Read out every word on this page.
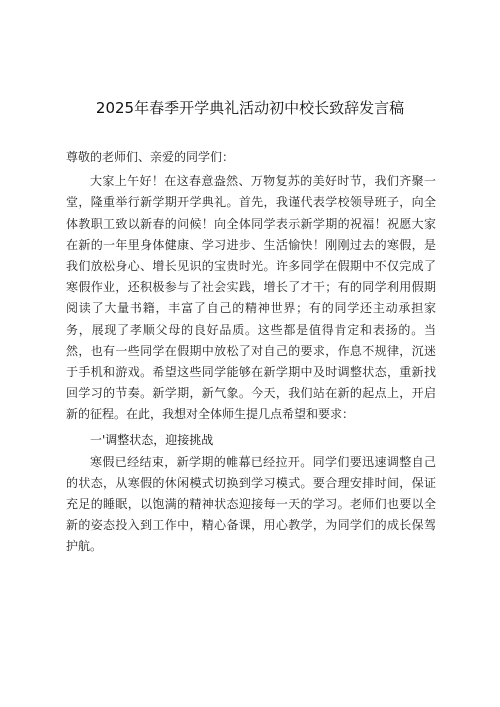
2025年春季开学典礼活动初中校长致辞发言稿

尊敬的老师们、亲爱的同学们：

大家上午好！在这春意盎然、万物复苏的美好时节，我们齐聚一堂，隆重举行新学期开学典礼。首先，我谨代表学校领导班子，向全体教职工致以新春的问候！向全体同学表示新学期的祝福！祝愿大家在新的一年里身体健康、学习进步、生活愉快！刚刚过去的寒假，是我们放松身心、增长见识的宝贵时光。许多同学在假期中不仅完成了寒假作业，还积极参与了社会实践，增长了才干；有的同学利用假期阅读了大量书籍，丰富了自己的精神世界；有的同学还主动承担家务，展现了孝顺父母的良好品质。这些都是值得肯定和表扬的。当然，也有一些同学在假期中放松了对自己的要求，作息不规律，沉迷于手机和游戏。希望这些同学能够在新学期中及时调整状态，重新找回学习的节奏。新学期，新气象。今天，我们站在新的起点上，开启新的征程。在此，我想对全体师生提几点希望和要求：

一'调整状态，迎接挑战

寒假已经结束，新学期的帷幕已经拉开。同学们要迅速调整自己的状态，从寒假的休闲模式切换到学习模式。要合理安排时间，保证充足的睡眠，以饱满的精神状态迎接每一天的学习。老师们也要以全新的姿态投入到工作中，精心备课，用心教学，为同学们的成长保驾护航。
